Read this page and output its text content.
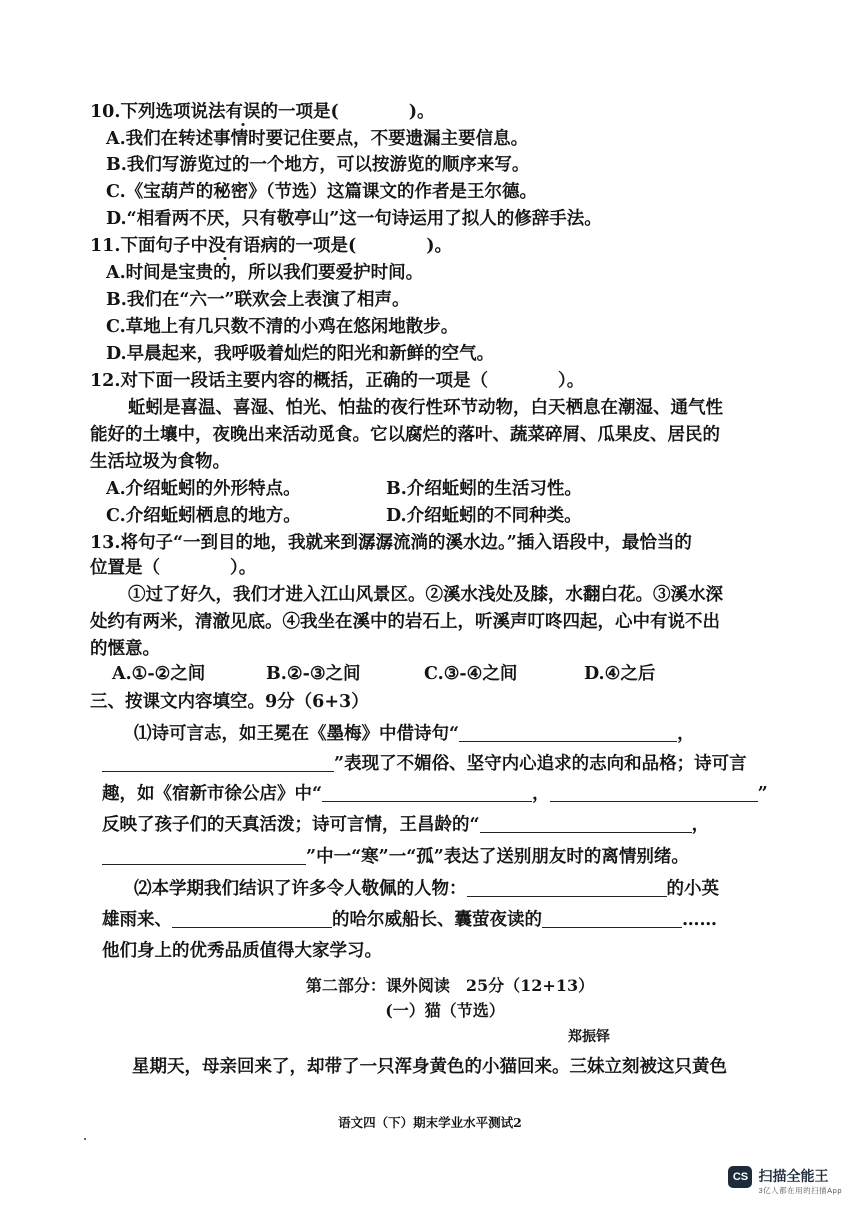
10.下列选项说法有误的一项是(	)。
A.我们在转述事情时要记住要点，不要遗漏主要信息。
B.我们写游览过的一个地方，可以按游览的顺序来写。
C.《宝葫芦的秘密》（节选）这篇课文的作者是王尔德。
D.“相看两不厌，只有敬亭山”这一句诗运用了拟人的修辞手法。
11.下面句子中没有语病的一项是(	)。
A.时间是宝贵的，所以我们要爱护时间。
B.我们在“六一”联欢会上表演了相声。
C.草地上有几只数不清的小鸡在悠闲地散步。
D.早晨起来，我呼吸着灿烂的阳光和新鲜的空气。
12.对下面一段话主要内容的概括，正确的一项是（	）。
蚯蚓是喜温、喜湿、怕光、怕盐的夜行性环节动物，白天栖息在潮湿、通气性
能好的土壤中，夜晚出来活动觅食。它以腐烂的落叶、蔬菜碎屑、瓜果皮、居民的
生活垃圾为食物。
A.介绍蚯蚓的外形特点。	B.介绍蚯蚓的生活习性。
C.介绍蚯蚓栖息的地方。	D.介绍蚯蚓的不同种类。
13.将句子“一到目的地，我就来到潺潺流淌的溪水边。”插入语段中，最恰当的
位置是（	）。
①过了好久，我们才进入江山风景区。②溪水浅处及膝，水翻白花。③溪水深
处约有两米，清澈见底。④我坐在溪中的岩石上，听溪声叮咚四起，心中有说不出
的惬意。
A.①-②之间	B.②-③之间	C.③-④之间	D.④之后
三、按课文内容填空。9分（6+3）
⑴诗可言志，如王冕在《墨梅》中借诗句“	，
”表现了不媚俗、坚守内心追求的志向和品格；诗可言
趣，如《宿新市徐公店》中“	，	”
反映了孩子们的天真活泼；诗可言情，王昌龄的“	，
”中一“寒”一“孤”表达了送别朋友时的离情别绪。
⑵本学期我们结识了许多令人敬佩的人物：	的小英
雄雨来、	的哈尔威船长、囊萤夜读的	……
他们身上的优秀品质值得大家学习。
第二部分：课外阅读　25分（12+13）
(一）猫（节选）
郑振铎
星期天，母亲回来了，却带了一只浑身黄色的小猫回来。三妹立刻被这只黄色
语文四（下）期末学业水平测试2
CS 扫描全能王
3亿人都在用的扫描App
